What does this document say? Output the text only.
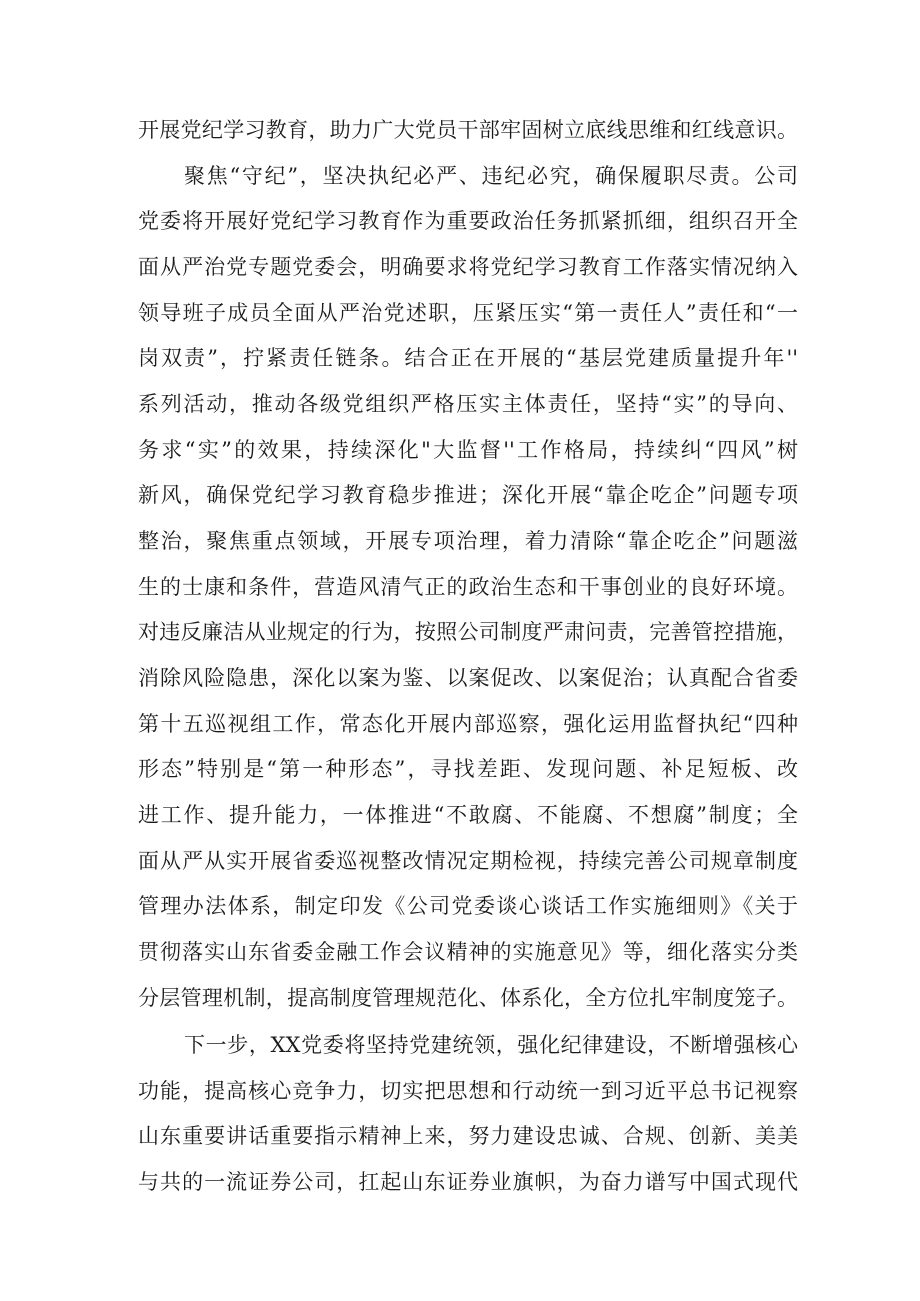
开展党纪学习教育，助力广大党员干部牢固树立底线思维和红线意识。
聚焦“守纪”，坚决执纪必严、违纪必究，确保履职尽责。公司
党委将开展好党纪学习教育作为重要政治任务抓紧抓细，组织召开全
面从严治党专题党委会，明确要求将党纪学习教育工作落实情况纳入
领导班子成员全面从严治党述职，压紧压实“第一责任人”责任和“一
岗双责”，拧紧责任链条。结合正在开展的“基层党建质量提升年''
系列活动，推动各级党组织严格压实主体责任，坚持“实”的导向、
务求“实”的效果，持续深化"大监督''工作格局，持续纠“四风”树
新风，确保党纪学习教育稳步推进；深化开展“靠企吃企”问题专项
整治，聚焦重点领域，开展专项治理，着力清除“靠企吃企”问题滋
生的士康和条件，营造风清气正的政治生态和干事创业的良好环境。
对违反廉洁从业规定的行为，按照公司制度严肃问责，完善管控措施，
消除风险隐患，深化以案为鉴、以案促改、以案促治；认真配合省委
第十五巡视组工作，常态化开展内部巡察，强化运用监督执纪“四种
形态”特别是“第一种形态”，寻找差距、发现问题、补足短板、改
进工作、提升能力，一体推进“不敢腐、不能腐、不想腐”制度；全
面从严从实开展省委巡视整改情况定期检视，持续完善公司规章制度
管理办法体系，制定印发《公司党委谈心谈话工作实施细则》《关于
贯彻落实山东省委金融工作会议精神的实施意见》等，细化落实分类
分层管理机制，提高制度管理规范化、体系化，全方位扎牢制度笼子。
下一步，XX党委将坚持党建统领，强化纪律建设，不断增强核心
功能，提高核心竞争力，切实把思想和行动统一到习近平总书记视察
山东重要讲话重要指示精神上来，努力建设忠诚、合规、创新、美美
与共的一流证券公司，扛起山东证券业旗帜，为奋力谱写中国式现代
